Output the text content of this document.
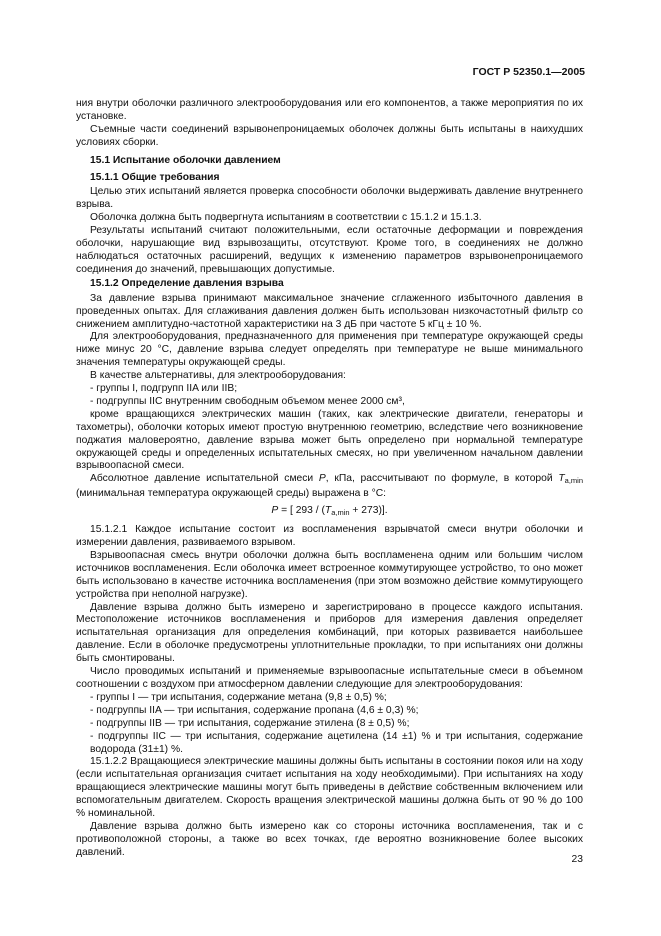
ГОСТ Р 52350.1—2005

ния внутри оболочки различного электрооборудования или его компонентов, а также мероприятия по их установке.

Съемные части соединений взрывонепроницаемых оболочек должны быть испытаны в наихудших условиях сборки.

15.1 Испытание оболочки давлением

15.1.1 Общие требования

Целью этих испытаний является проверка способности оболочки выдерживать давление внутреннего взрыва.

Оболочка должна быть подвергнута испытаниям в соответствии с 15.1.2 и 15.1.3.

Результаты испытаний считают положительными, если остаточные деформации и повреждения оболочки, нарушающие вид взрывозащиты, отсутствуют. Кроме того, в соединениях не должно наблюдаться остаточных расширений, ведущих к изменению параметров взрывонепроницаемого соединения до значений, превышающих допустимые.

15.1.2 Определение давления взрыва

За давление взрыва принимают максимальное значение сглаженного избыточного давления в проведенных опытах. Для сглаживания давления должен быть использован низкочастотный фильтр со снижением амплитудно-частотной характеристики на 3 дБ при частоте 5 кГц ± 10 %.

Для электрооборудования, предназначенного для применения при температуре окружающей среды ниже минус 20 °С, давление взрыва следует определять при температуре не выше минимального значения температуры окружающей среды.

В качестве альтернативы, для электрооборудования:

- группы I, подгрупп IIA или IIB;

- подгруппы IIC внутренним свободным объемом менее 2000 см³,

кроме вращающихся электрических машин (таких, как электрические двигатели, генераторы и тахометры), оболочки которых имеют простую внутреннюю геометрию, вследствие чего возникновение поджатия маловероятно, давление взрыва может быть определено при нормальной температуре окружающей среды и определенных испытательных смесях, но при увеличенном начальном давлении взрывоопасной смеси.

Абсолютное давление испытательной смеси P, кПа, рассчитывают по формуле, в которой $T_{a,min}$ (минимальная температура окружающей среды) выражена в °С:

P = [ $293 / (T_{a,min} + 273)$].

15.1.2.1 Каждое испытание состоит из воспламенения взрывчатой смеси внутри оболочки и измерении давления, развиваемого взрывом.

Взрывоопасная смесь внутри оболочки должна быть воспламенена одним или большим числом источников воспламенения. Если оболочка имеет встроенное коммутирующее устройство, то оно может быть использовано в качестве источника воспламенения (при этом возможно действие коммутирующего устройства при неполной нагрузке).

Давление взрыва должно быть измерено и зарегистрировано в процессе каждого испытания. Местоположение источников воспламенения и приборов для измерения давления определяет испытательная организация для определения комбинаций, при которых развивается наибольшее давление. Если в оболочке предусмотрены уплотнительные прокладки, то при испытаниях они должны быть смонтированы.

Число проводимых испытаний и применяемые взрывоопасные испытательные смеси в объемном соотношении с воздухом при атмосферном давлении следующие для электрооборудования:

- группы I — три испытания, содержание метана (9,8 ± 0,5) %;

- подгруппы IIA — три испытания, содержание пропана (4,6 ± 0,3) %;

- подгруппы IIB — три испытания, содержание этилена (8 ± 0,5) %;

- подгруппы IIC — три испытания, содержание ацетилена (14 ±1) % и три испытания, содержание водорода (31±1) %.

15.1.2.2 Вращающиеся электрические машины должны быть испытаны в состоянии покоя или на ходу (если испытательная организация считает испытания на ходу необходимыми). При испытаниях на ходу вращающиеся электрические машины могут быть приведены в действие собственным включением или вспомогательным двигателем. Скорость вращения электрической машины должна быть от 90 % до 100 % номинальной.

Давление взрыва должно быть измерено как со стороны источника воспламенения, так и с противоположной стороны, а также во всех точках, где вероятно возникновение более высоких давлений.

23
